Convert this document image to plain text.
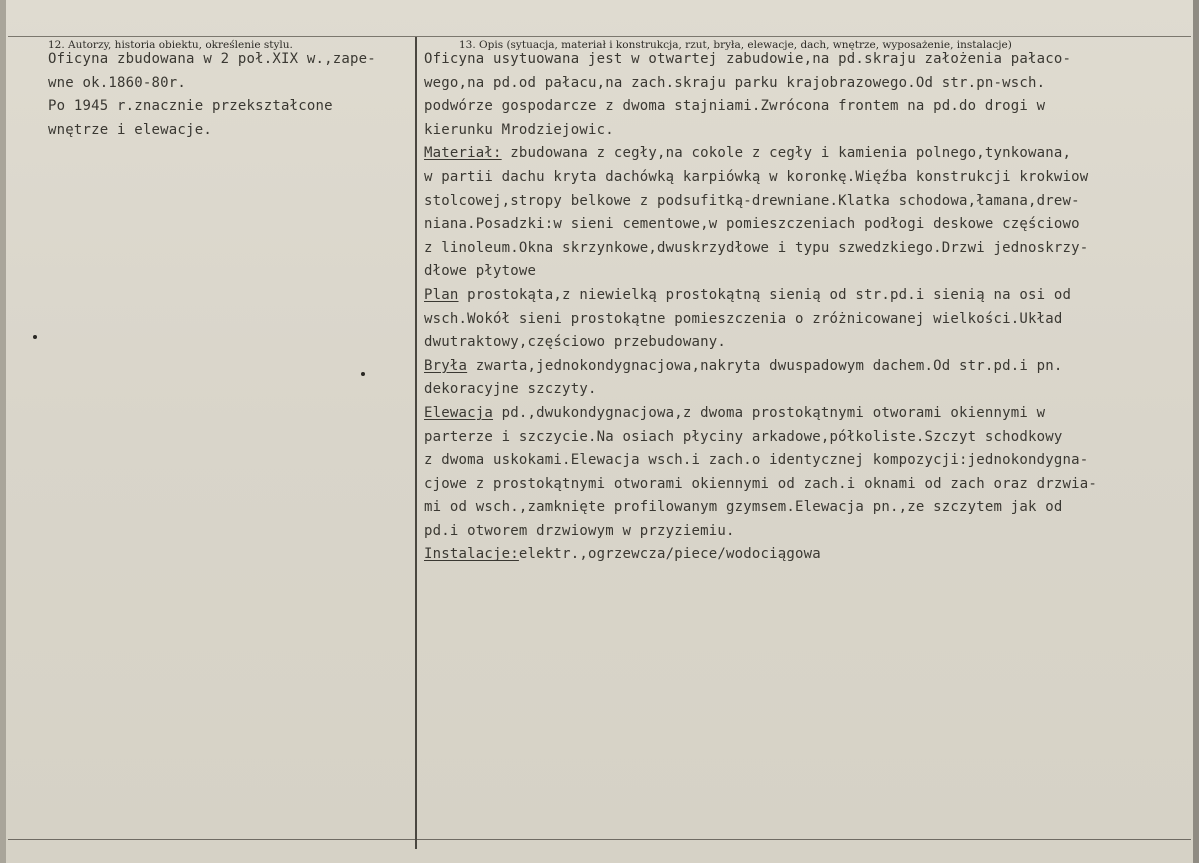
12. Autorzy, historia obiektu, określenie stylu.	13. Opis (sytuacja, materiał i konstrukcja, rzut, bryła, elewacje, dach, wnętrze, wyposażenie, instalacje)
Oficyna zbudowana w 2 poł.XIX w.,zape-
wne ok.1860-80r.
Po 1945 r.znacznie przekształcone
wnętrze i elewacje.
Oficyna usytuowana jest w otwartej zabudowie,na pd.skraju założenia pałaco-
wego,na pd.od pałacu,na zach.skraju parku krajobrazowego.Od str.pn-wsch.
podwórze gospodarcze z dwoma stajniami.Zwrócona frontem na pd.do drogi w
kierunku Mrodziejowic.
Materiał: zbudowana z cegły,na cokole z cegły i kamienia polnego,tynkowana,
w partii dachu kryta dachówką karpiówką w koronkę.Więźba konstrukcji krokwiow
stolcowej,stropy belkowe z podsufitką-drewniane.Klatka schodowa,łamana,drew-
niana.Posadzki:w sieni cementowe,w pomieszczeniach podłogi deskowe częściowo
z linoleum.Okna skrzynkowe,dwuskrzydłowe i typu szwedzkiego.Drzwi jednoskrzy-
dłowe płytowe
Plan prostokąta,z niewielką prostokątną sienią od str.pd.i sienią na osi od
wsch.Wokół sieni prostokątne pomieszczenia o zróżnicowanej wielkości.Układ
dwutraktowy,częściowo przebudowany.
Bryła zwarta,jednokondygnacjowa,nakryta dwuspadowym dachem.Od str.pd.i pn.
dekoracyjne szczyty.
Elewacja pd.,dwukondygnacjowa,z dwoma prostokątnymi otworami okiennymi w
parterze i szczycie.Na osiach płyciny arkadowe,półkoliste.Szczyt schodkowy
z dwoma uskokami.Elewacja wsch.i zach.o identycznej kompozycji:jednokondygna-
cjowe z prostokątnymi otworami okiennymi od zach.i oknami od zach oraz drzwia-
mi od wsch.,zamknięte profilowanym gzymsem.Elewacja pn.,ze szczytem jak od
pd.i otworem drzwiowym w przyziemiu.
Instalacje:elektr.,ogrzewcza/piece/wodociągowa
